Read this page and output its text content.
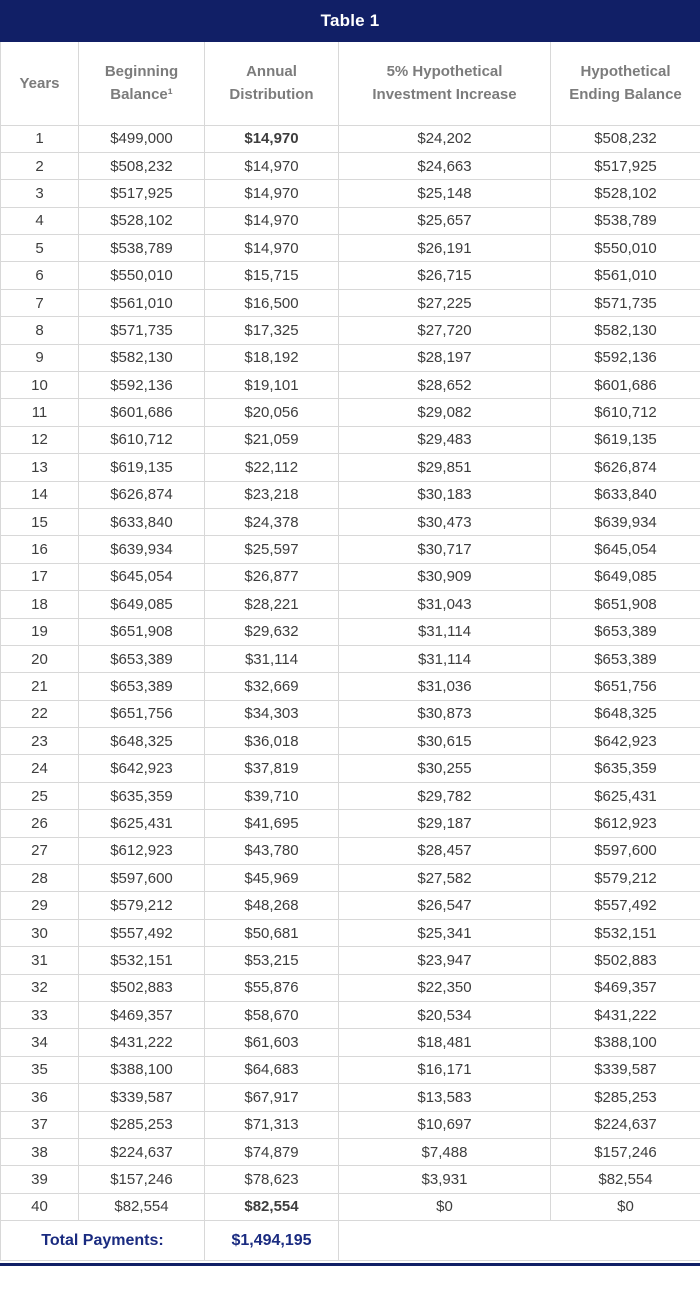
Table 1
Years	Beginning Balance¹	Annual Distribution	5% Hypothetical Investment Increase	Hypothetical Ending Balance
1	$499,000	$14,970	$24,202	$508,232
2	$508,232	$14,970	$24,663	$517,925
3	$517,925	$14,970	$25,148	$528,102
4	$528,102	$14,970	$25,657	$538,789
5	$538,789	$14,970	$26,191	$550,010
6	$550,010	$15,715	$26,715	$561,010
7	$561,010	$16,500	$27,225	$571,735
8	$571,735	$17,325	$27,720	$582,130
9	$582,130	$18,192	$28,197	$592,136
10	$592,136	$19,101	$28,652	$601,686
11	$601,686	$20,056	$29,082	$610,712
12	$610,712	$21,059	$29,483	$619,135
13	$619,135	$22,112	$29,851	$626,874
14	$626,874	$23,218	$30,183	$633,840
15	$633,840	$24,378	$30,473	$639,934
16	$639,934	$25,597	$30,717	$645,054
17	$645,054	$26,877	$30,909	$649,085
18	$649,085	$28,221	$31,043	$651,908
19	$651,908	$29,632	$31,114	$653,389
20	$653,389	$31,114	$31,114	$653,389
21	$653,389	$32,669	$31,036	$651,756
22	$651,756	$34,303	$30,873	$648,325
23	$648,325	$36,018	$30,615	$642,923
24	$642,923	$37,819	$30,255	$635,359
25	$635,359	$39,710	$29,782	$625,431
26	$625,431	$41,695	$29,187	$612,923
27	$612,923	$43,780	$28,457	$597,600
28	$597,600	$45,969	$27,582	$579,212
29	$579,212	$48,268	$26,547	$557,492
30	$557,492	$50,681	$25,341	$532,151
31	$532,151	$53,215	$23,947	$502,883
32	$502,883	$55,876	$22,350	$469,357
33	$469,357	$58,670	$20,534	$431,222
34	$431,222	$61,603	$18,481	$388,100
35	$388,100	$64,683	$16,171	$339,587
36	$339,587	$67,917	$13,583	$285,253
37	$285,253	$71,313	$10,697	$224,637
38	$224,637	$74,879	$7,488	$157,246
39	$157,246	$78,623	$3,931	$82,554
40	$82,554	$82,554	$0	$0
Total Payments:		$1,494,195		
